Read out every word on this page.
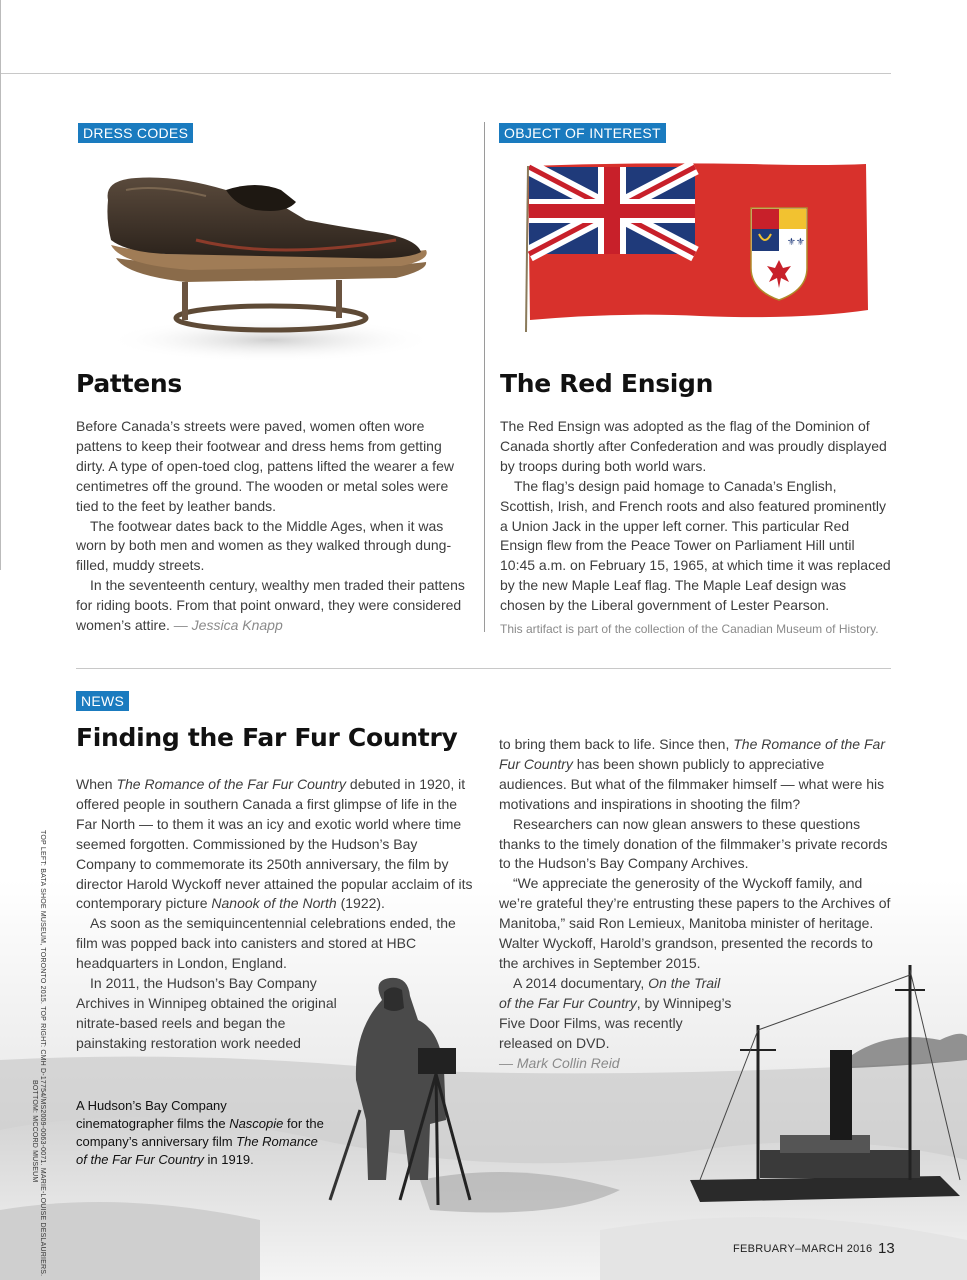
DRESS CODES
Pattens

Before Canada’s streets were paved, women often wore pattens to keep their footwear and dress hems from getting dirty. A type of open-toed clog, pattens lifted the wearer a few centimetres off the ground. The wooden or metal soles were tied to the feet by leather bands.

The footwear dates back to the Middle Ages, when it was worn by both men and women as they walked through dung-filled, muddy streets.

In the seventeenth century, wealthy men traded their pattens for riding boots. From that point onward, they were considered women’s attire. — Jessica Knapp

OBJECT OF INTEREST
⚜⚜
The Red Ensign

The Red Ensign was adopted as the flag of the Dominion of Canada shortly after Confederation and was proudly displayed by troops during both world wars.

The flag’s design paid homage to Canada’s English, Scottish, Irish, and French roots and also featured prominently a Union Jack in the upper left corner. This particular Red Ensign flew from the Peace Tower on Parliament Hill until 10:45 a.m. on February 15, 1965, at which time it was replaced by the new Maple Leaf flag. The Maple Leaf design was chosen by the Liberal government of Lester Pearson.

This artifact is part of the collection of the Canadian Museum of History.
NEWS
Finding the Far Fur Country

When The Romance of the Far Fur Country debuted in 1920, it offered people in southern Canada a first glimpse of life in the Far North — to them it was an icy and exotic world where time seemed forgotten. Commissioned by the Hudson’s Bay Company to commemorate its 250th anniversary, the film by director Harold Wyckoff never attained the popular acclaim of its contemporary picture Nanook of the North (1922).

As soon as the semiquincentennial celebrations ended, the film was popped back into canisters and stored at HBC headquarters in London, England.

In 2011, the Hudson’s Bay Company Archives in Winnipeg obtained the original nitrate-based reels and began the painstaking restoration work needed

to bring them back to life. Since then, The Romance of the Far Fur Country has been shown publicly to appreciative audiences. But what of the filmmaker himself — what were his motivations and inspirations in shooting the film?

Researchers can now glean answers to these questions thanks to the timely donation of the filmmaker’s private records to the Hudson’s Bay Company Archives.

“We appreciate the generosity of the Wyckoff family, and we’re grateful they’re entrusting these papers to the Archives of Manitoba,” said Ron Lemieux, Manitoba minister of heritage. Walter Wyckoff, Harold’s grandson, presented the records to the archives in September 2015.

A 2014 documentary, On the Trail of the Far Fur Country, by Winnipeg’s Five Door Films, was recently released on DVD.

— Mark Collin Reid

A Hudson’s Bay Company cinematographer films the Nascopie for the company’s anniversary film The Romance of the Far Fur Country in 1919.
TOP LEFT: BATA SHOE MUSEUM, TORONTO 2015. TOP RIGHT: CMH D-17754/MS2009-0063-0071. MARIE-LOUISE DESLAURIERS.
BOTTOM: MCCORD MUSEUM
FEBRUARY–MARCH 2016 13
